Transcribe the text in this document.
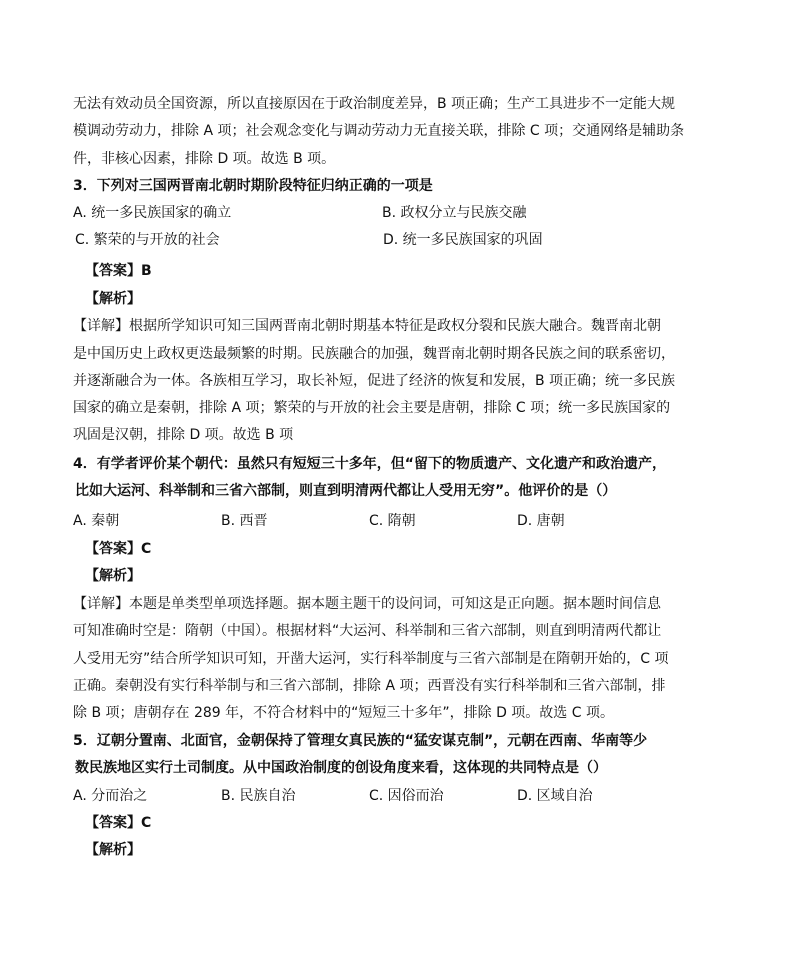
无法有效动员全国资源，所以直接原因在于政治制度差异，B 项正确；生产工具进步不一定能大规
模调动劳动力，排除 A 项；社会观念变化与调动劳动力无直接关联，排除 C 项；交通网络是辅助条
件，非核心因素，排除 D 项。故选 B 项。
3．下列对三国两晋南北朝时期阶段特征归纳正确的一项是
A. 统一多民族国家的确立	B. 政权分立与民族交融
C. 繁荣的与开放的社会	D. 统一多民族国家的巩固
【答案】B
【解析】
【详解】根据所学知识可知三国两晋南北朝时期基本特征是政权分裂和民族大融合。魏晋南北朝
是中国历史上政权更迭最频繁的时期。民族融合的加强，魏晋南北朝时期各民族之间的联系密切，
并逐渐融合为一体。各族相互学习，取长补短，促进了经济的恢复和发展，B 项正确；统一多民族
国家的确立是秦朝，排除 A 项；繁荣的与开放的社会主要是唐朝，排除 C 项；统一多民族国家的
巩固是汉朝，排除 D 项。故选 B 项
4．有学者评价某个朝代：虽然只有短短三十多年，但“留下的物质遗产、文化遗产和政治遗产，
比如大运河、科举制和三省六部制，则直到明清两代都让人受用无穷”。他评价的是（）
A. 秦朝	B. 西晋	C. 隋朝	D. 唐朝
【答案】C
【解析】
【详解】本题是单类型单项选择题。据本题主题干的设问词，可知这是正向题。据本题时间信息
可知准确时空是：隋朝（中国）。根据材料“大运河、科举制和三省六部制，则直到明清两代都让
人受用无穷”结合所学知识可知，开凿大运河，实行科举制度与三省六部制是在隋朝开始的，C 项
正确。秦朝没有实行科举制与和三省六部制，排除 A 项；西晋没有实行科举制和三省六部制，排
除 B 项；唐朝存在 289 年，不符合材料中的“短短三十多年”，排除 D 项。故选 C 项。
5．辽朝分置南、北面官，金朝保持了管理女真民族的“猛安谋克制”，元朝在西南、华南等少
数民族地区实行土司制度。从中国政治制度的创设角度来看，这体现的共同特点是（）
A. 分而治之	B. 民族自治	C. 因俗而治	D. 区域自治
【答案】C
【解析】
